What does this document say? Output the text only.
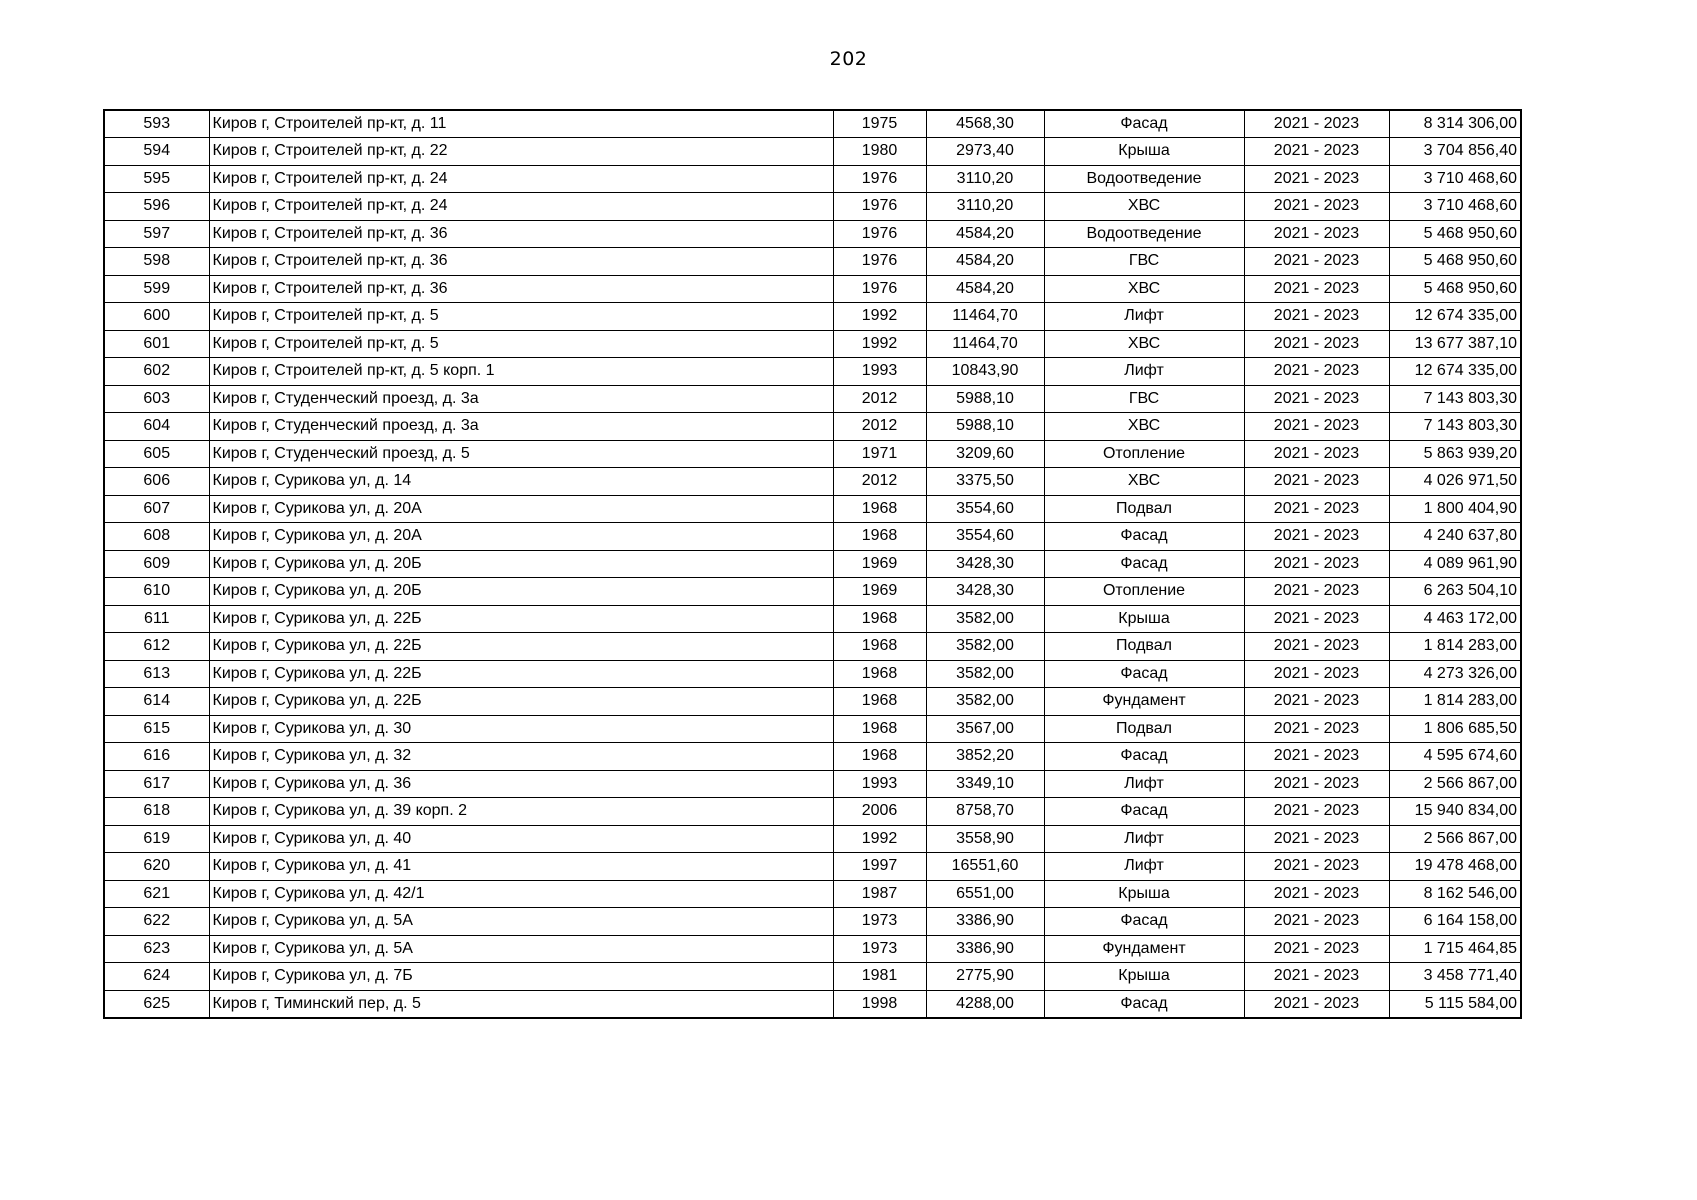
202
593	Киров г, Строителей пр-кт, д. 11	1975	4568,30	Фасад	2021 - 2023	8 314 306,00
594	Киров г, Строителей пр-кт, д. 22	1980	2973,40	Крыша	2021 - 2023	3 704 856,40
595	Киров г, Строителей пр-кт, д. 24	1976	3110,20	Водоотведение	2021 - 2023	3 710 468,60
596	Киров г, Строителей пр-кт, д. 24	1976	3110,20	ХВС	2021 - 2023	3 710 468,60
597	Киров г, Строителей пр-кт, д. 36	1976	4584,20	Водоотведение	2021 - 2023	5 468 950,60
598	Киров г, Строителей пр-кт, д. 36	1976	4584,20	ГВС	2021 - 2023	5 468 950,60
599	Киров г, Строителей пр-кт, д. 36	1976	4584,20	ХВС	2021 - 2023	5 468 950,60
600	Киров г, Строителей пр-кт, д. 5	1992	11464,70	Лифт	2021 - 2023	12 674 335,00
601	Киров г, Строителей пр-кт, д. 5	1992	11464,70	ХВС	2021 - 2023	13 677 387,10
602	Киров г, Строителей пр-кт, д. 5 корп. 1	1993	10843,90	Лифт	2021 - 2023	12 674 335,00
603	Киров г, Студенческий проезд, д. 3а	2012	5988,10	ГВС	2021 - 2023	7 143 803,30
604	Киров г, Студенческий проезд, д. 3а	2012	5988,10	ХВС	2021 - 2023	7 143 803,30
605	Киров г, Студенческий проезд, д. 5	1971	3209,60	Отопление	2021 - 2023	5 863 939,20
606	Киров г, Сурикова ул, д. 14	2012	3375,50	ХВС	2021 - 2023	4 026 971,50
607	Киров г, Сурикова ул, д. 20А	1968	3554,60	Подвал	2021 - 2023	1 800 404,90
608	Киров г, Сурикова ул, д. 20А	1968	3554,60	Фасад	2021 - 2023	4 240 637,80
609	Киров г, Сурикова ул, д. 20Б	1969	3428,30	Фасад	2021 - 2023	4 089 961,90
610	Киров г, Сурикова ул, д. 20Б	1969	3428,30	Отопление	2021 - 2023	6 263 504,10
611	Киров г, Сурикова ул, д. 22Б	1968	3582,00	Крыша	2021 - 2023	4 463 172,00
612	Киров г, Сурикова ул, д. 22Б	1968	3582,00	Подвал	2021 - 2023	1 814 283,00
613	Киров г, Сурикова ул, д. 22Б	1968	3582,00	Фасад	2021 - 2023	4 273 326,00
614	Киров г, Сурикова ул, д. 22Б	1968	3582,00	Фундамент	2021 - 2023	1 814 283,00
615	Киров г, Сурикова ул, д. 30	1968	3567,00	Подвал	2021 - 2023	1 806 685,50
616	Киров г, Сурикова ул, д. 32	1968	3852,20	Фасад	2021 - 2023	4 595 674,60
617	Киров г, Сурикова ул, д. 36	1993	3349,10	Лифт	2021 - 2023	2 566 867,00
618	Киров г, Сурикова ул, д. 39 корп. 2	2006	8758,70	Фасад	2021 - 2023	15 940 834,00
619	Киров г, Сурикова ул, д. 40	1992	3558,90	Лифт	2021 - 2023	2 566 867,00
620	Киров г, Сурикова ул, д. 41	1997	16551,60	Лифт	2021 - 2023	19 478 468,00
621	Киров г, Сурикова ул, д. 42/1	1987	6551,00	Крыша	2021 - 2023	8 162 546,00
622	Киров г, Сурикова ул, д. 5А	1973	3386,90	Фасад	2021 - 2023	6 164 158,00
623	Киров г, Сурикова ул, д. 5А	1973	3386,90	Фундамент	2021 - 2023	1 715 464,85
624	Киров г, Сурикова ул, д. 7Б	1981	2775,90	Крыша	2021 - 2023	3 458 771,40
625	Киров г, Тиминский пер, д. 5	1998	4288,00	Фасад	2021 - 2023	5 115 584,00
